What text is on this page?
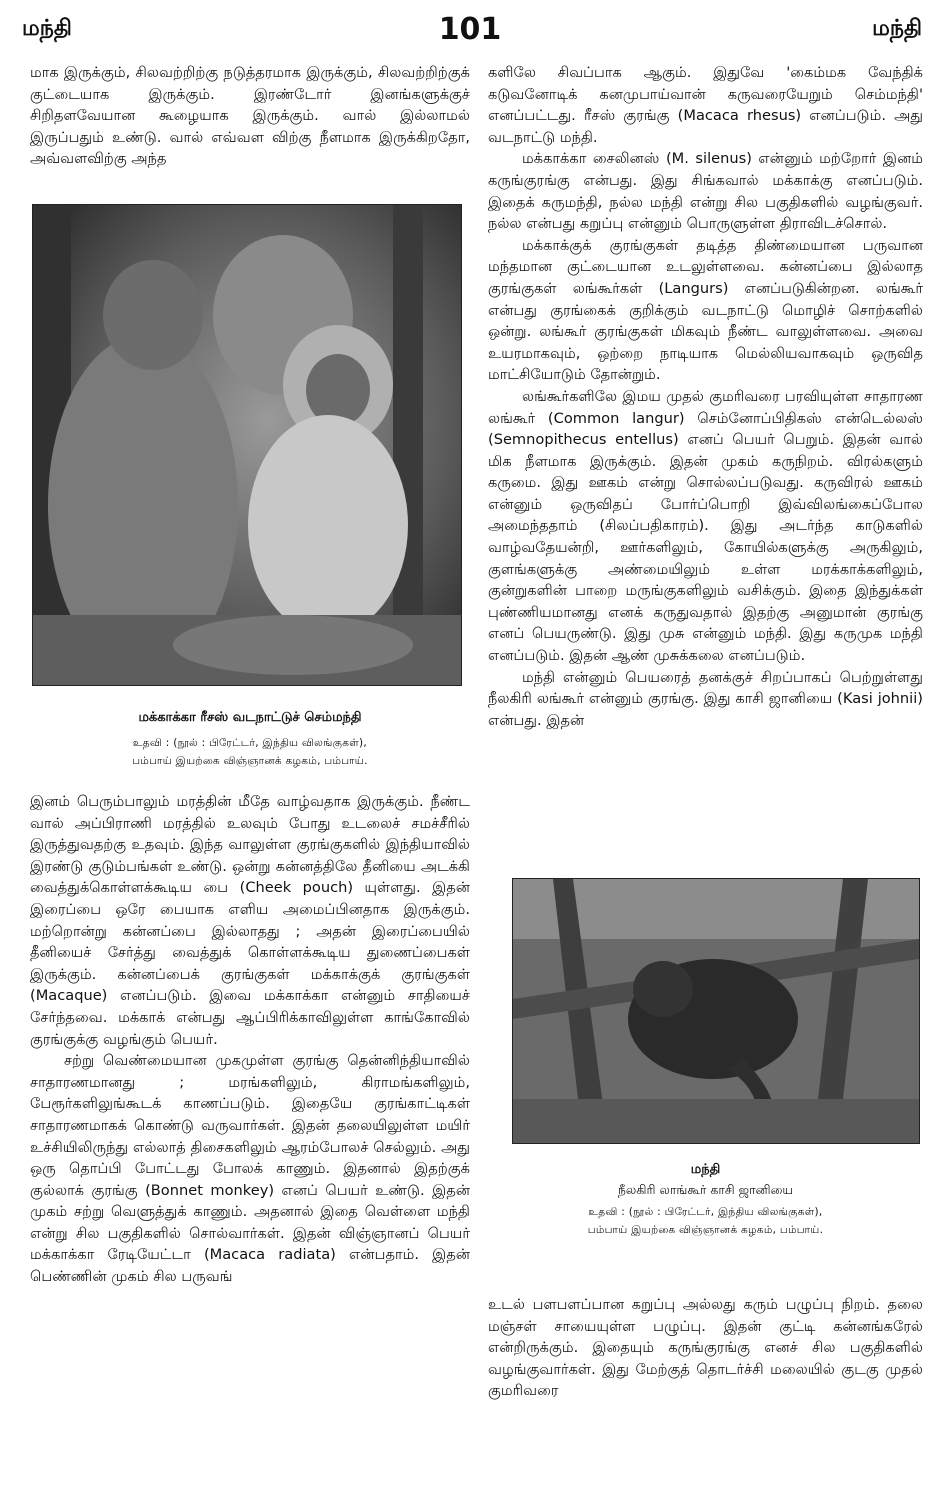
மந்தி	101	மந்தி

மாக இருக்கும், சிலவற்றிற்கு நடுத்தரமாக இருக்கும், சிலவற்றிற்குக் குட்டையாக இருக்கும். இரண்டோர் இனங்களுக்குச் சிறிதளவேயான கூழையாக இருக்கும். வால் இல்லாமல் இருப்பதும் உண்டு. வால் எவ்வள விற்கு நீளமாக இருக்கிறதோ, அவ்வளவிற்கு அந்த

மக்காக்கா ரீசஸ் வடநாட்டுச் செம்மந்தி
உதவி : (நூல் : பிரேட்டர், இந்திய விலங்குகள்),
பம்பாய் இயற்கை விஞ்ஞானக் கழகம், பம்பாய்.

இனம் பெரும்பாலும் மரத்தின் மீதே வாழ்வதாக இருக்கும். நீண்ட வால் அப்பிராணி மரத்தில் உலவும் போது உடலைச் சமச்சீரில் இருத்துவதற்கு உதவும். இந்த வாலுள்ள குரங்குகளில் இந்தியாவில் இரண்டு குடும்பங்கள் உண்டு. ஒன்று கன்னத்திலே தீனியை அடக்கி வைத்துக்கொள்ளக்கூடிய பை (Cheek pouch) யுள்ளது. இதன் இரைப்பை ஒரே பையாக எளிய அமைப்பினதாக இருக்கும். மற்றொன்று கன்னப்பை இல்லாதது ; அதன் இரைப்பையில் தீனியைச் சேர்த்து வைத்துக் கொள்ளக்கூடிய துணைப்பைகள் இருக்கும். கன்னப்பைக் குரங்குகள் மக்காக்குக் குரங்குகள் (Macaque) எனப்படும். இவை மக்காக்கா என்னும் சாதியைச் சேர்ந்தவை. மக்காக் என்பது ஆப்பிரிக்காவிலுள்ள காங்கோவில் குரங்குக்கு வழங்கும் பெயர்.

சற்று வெண்மையான முகமுள்ள குரங்கு தென்னிந்தியாவில் சாதாரணமானது ; மரங்களிலும், கிராமங்களிலும், பேரூர்களிலுங்கூடக் காணப்படும். இதையே குரங்காட்டிகள் சாதாரணமாகக் கொண்டு வருவார்கள். இதன் தலையிலுள்ள மயிர் உச்சியிலிருந்து எல்லாத் திசைகளிலும் ஆரம்போலச் செல்லும். அது ஒரு தொப்பி போட்டது போலக் காணும். இதனால் இதற்குக் குல்லாக் குரங்கு (Bonnet monkey) எனப் பெயர் உண்டு. இதன் முகம் சற்று வெளுத்துக் காணும். அதனால் இதை வெள்ளை மந்தி என்று சில பகுதிகளில் சொல்வார்கள். இதன் விஞ்ஞானப் பெயர் மக்காக்கா ரேடியேட்டா (Macaca radiata) என்பதாம். இதன் பெண்ணின் முகம் சில பருவங்

களிலே சிவப்பாக ஆகும். இதுவே 'கைம்மக வேந்திக் கடுவனோடிக் கனமுபாய்வான் கருவரையேறும் செம்மந்தி' எனப்பட்டது. ரீசஸ் குரங்கு (Macaca rhesus) எனப்படும். அது வடநாட்டு மந்தி.

மக்காக்கா சைலினஸ் (M. silenus) என்னும் மற்றோர் இனம் கருங்குரங்கு என்பது. இது சிங்கவால் மக்காக்கு எனப்படும். இதைக் கருமந்தி, நல்ல மந்தி என்று சில பகுதிகளில் வழங்குவர். நல்ல என்பது கறுப்பு என்னும் பொருளுள்ள திராவிடச்சொல்.

மக்காக்குக் குரங்குகள் தடித்த திண்மையான பருவான மந்தமான குட்டையான உடலுள்ளவை. கன்னப்பை இல்லாத குரங்குகள் லங்கூர்கள் (Langurs) எனப்படுகின்றன. லங்கூர் என்பது குரங்கைக் குறிக்கும் வடநாட்டு மொழிச் சொற்களில் ஒன்று. லங்கூர் குரங்குகள் மிகவும் நீண்ட வாலுள்ளவை. அவை உயரமாகவும், ஒற்றை நாடியாக மெல்லியவாகவும் ஒருவித மாட்சியோடும் தோன்றும்.

லங்கூர்களிலே இமய முதல் குமரிவரை பரவியுள்ள சாதாரண லங்கூர் (Common langur) செம்னோப்பிதிகஸ் என்டெல்லஸ் (Semnopithecus entellus) எனப் பெயர் பெறும். இதன் வால் மிக நீளமாக இருக்கும். இதன் முகம் கருநிறம். விரல்களும் கருமை. இது ஊகம் என்று சொல்லப்படுவது. கருவிரல் ஊகம் என்னும் ஒருவிதப் போர்ப்பொறி இவ்விலங்கைப்போல அமைந்ததாம் (சிலப்பதிகாரம்). இது அடர்ந்த காடுகளில் வாழ்வதேயன்றி, ஊர்களிலும், கோயில்களுக்கு அருகிலும், குளங்களுக்கு அண்மையிலும் உள்ள மரக்காக்களிலும், குன்றுகளின் பாறை மருங்குகளிலும் வசிக்கும். இதை இந்துக்கள் புண்ணியமானது எனக் கருதுவதால் இதற்கு அனுமான் குரங்கு எனப் பெயருண்டு. இது முசு என்னும் மந்தி. இது கருமுக மந்தி எனப்படும். இதன் ஆண் முசுக்கலை எனப்படும்.

மந்தி என்னும் பெயரைத் தனக்குச் சிறப்பாகப் பெற்றுள்ளது நீலகிரி லங்கூர் என்னும் குரங்கு. இது காசி ஜானியை (Kasi johnii) என்பது. இதன்

மந்தி
நீலகிரி லாங்கூர் காசி ஜானியை
உதவி : (நூல் : பிரேட்டர், இந்திய விலங்குகள்),
பம்பாய் இயற்கை விஞ்ஞானக் கழகம், பம்பாய்.

உடல் பளபளப்பான கறுப்பு அல்லது கரும் பழுப்பு நிறம். தலை மஞ்சள் சாயையுள்ள பழுப்பு. இதன் குட்டி கன்னங்கரேல் என்றிருக்கும். இதையும் கருங்குரங்கு எனச் சில பகுதிகளில் வழங்குவார்கள். இது மேற்குத் தொடர்ச்சி மலையில் குடகு முதல் குமரிவரை
